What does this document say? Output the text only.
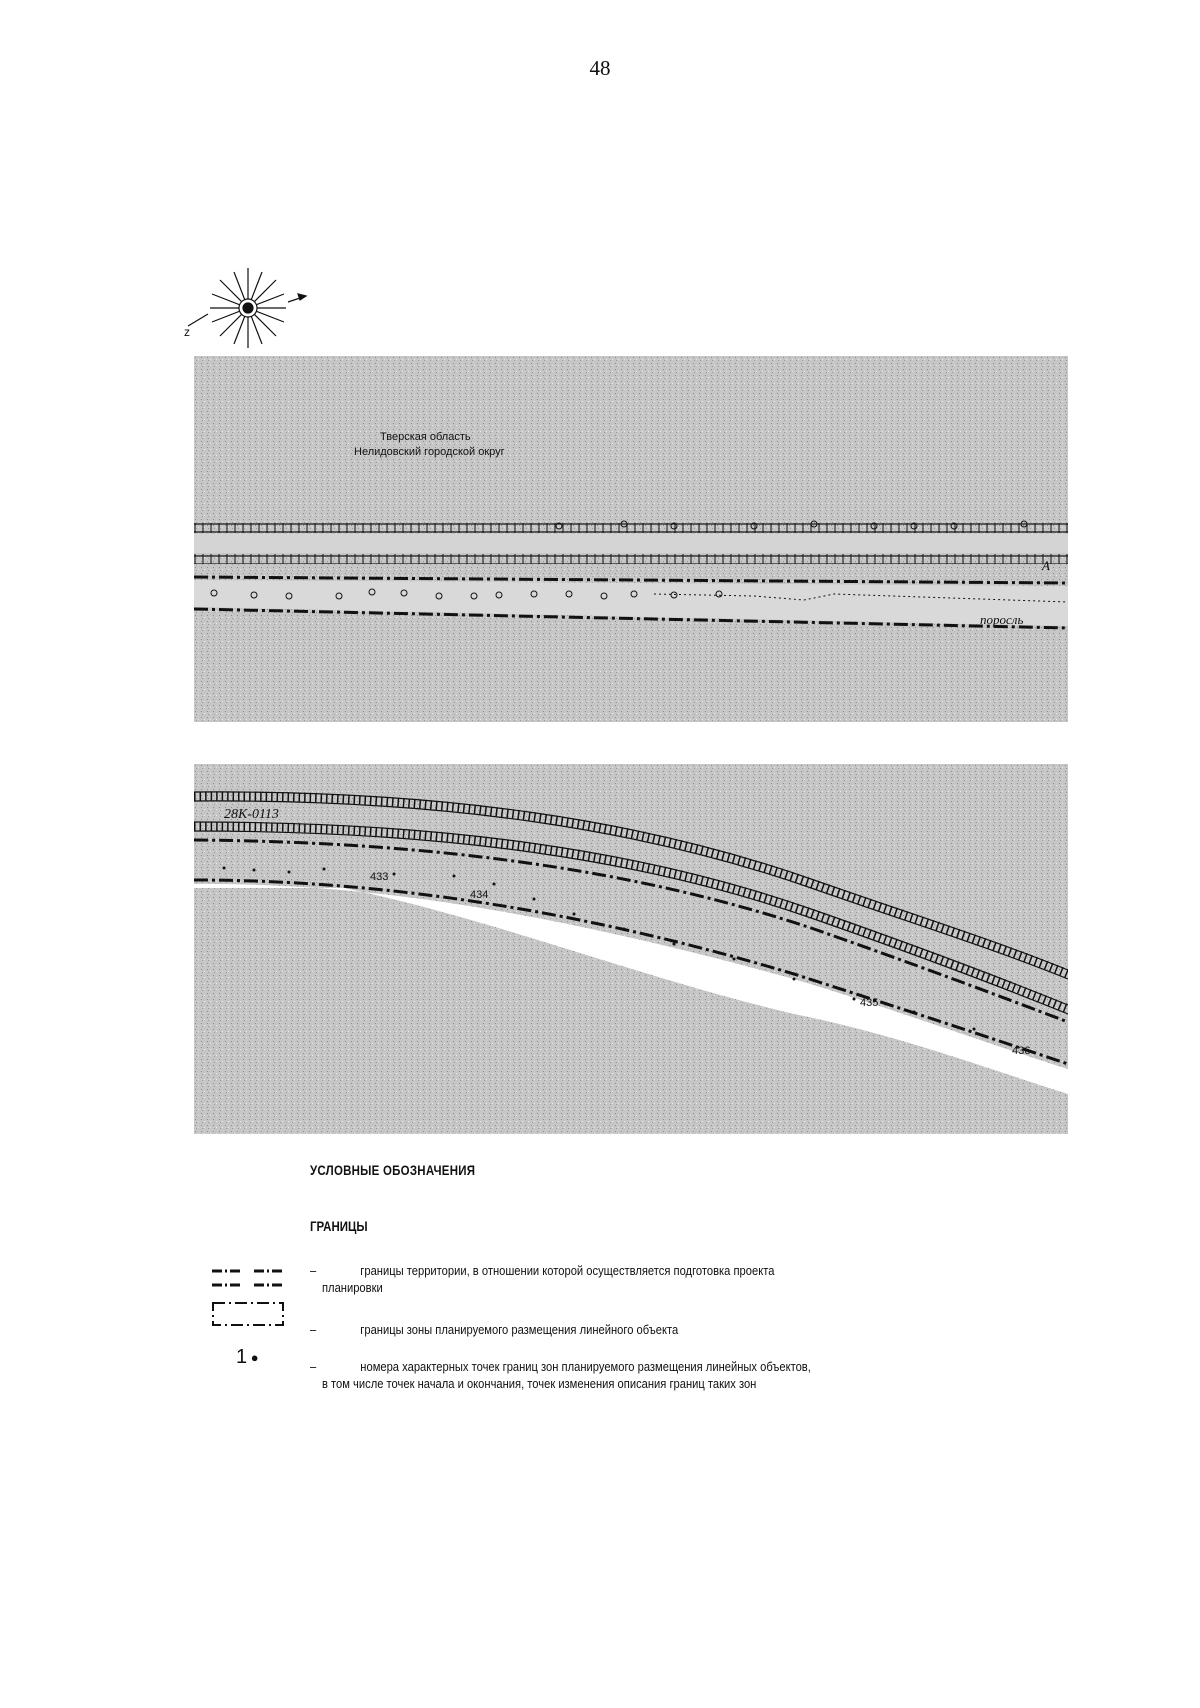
48
z
Тверская область
Нелидовский городской округ
A
поросль
28К-0113
433
434
435
436
УСЛОВНЫЕ ОБОЗНАЧЕНИЯ
ГРАНИЦЫ
1 ●
–	границы территории, в отношении которой осуществляется подготовка проекта
планировки
–	границы зоны планируемого размещения линейного объекта
–	номера характерных точек границ зон планируемого размещения линейных объектов,
в том числе точек начала и окончания, точек изменения описания границ таких зон
